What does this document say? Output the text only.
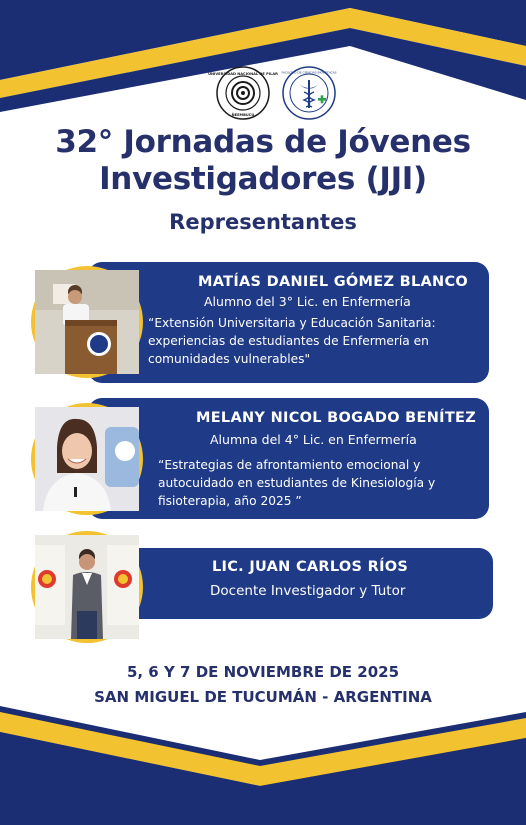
UNIVERSIDAD NACIONAL DE PILAR
ÑEEMBUCÚ
FACULTAD DE CIENCIAS BIOMÉDICAS
32° Jornadas de Jóvenes
Investigadores (JJI)
Representantes
MATÍAS DANIEL GÓMEZ BLANCO
Alumno del 3° Lic. en Enfermería
“Extensión Universitaria y Educación Sanitaria:
experiencias de estudiantes de Enfermería en
comunidades vulnerables"
MELANY NICOL BOGADO BENÍTEZ
Alumna del 4° Lic. en Enfermería
“Estrategias de afrontamiento emocional y
autocuidado en estudiantes de Kinesiología y
fisioterapia, año 2025 ”
LIC. JUAN CARLOS RÍOS
Docente Investigador y Tutor
5, 6 Y 7 DE NOVIEMBRE DE 2025
SAN MIGUEL DE TUCUMÁN - ARGENTINA
